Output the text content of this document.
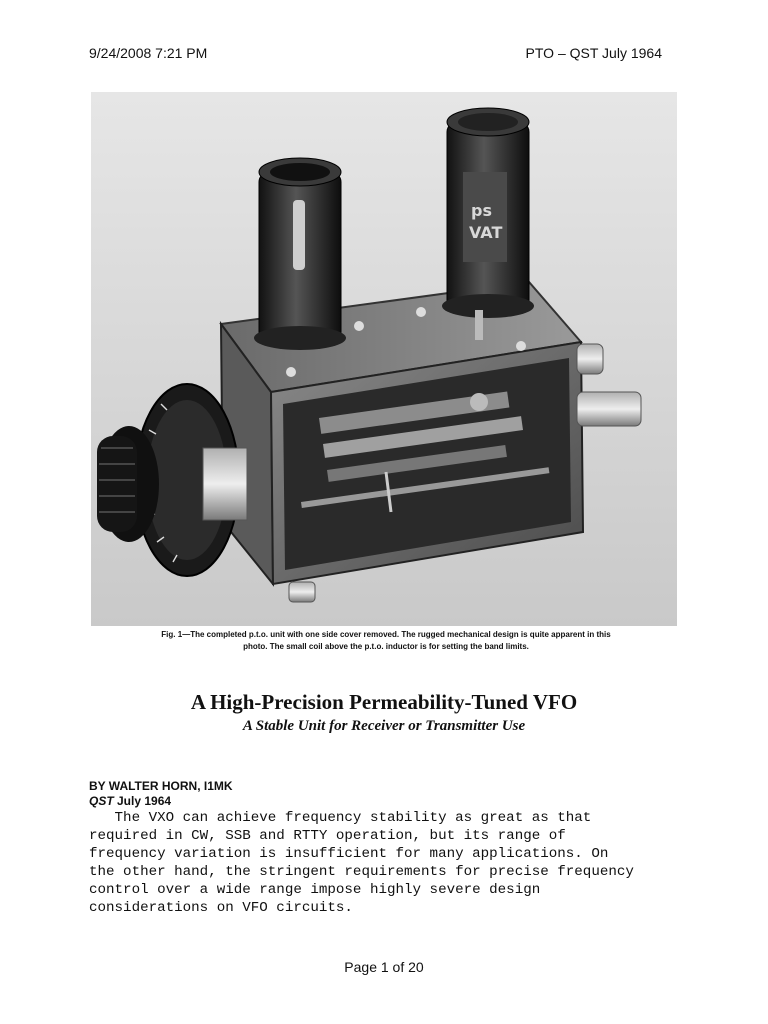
9/24/2008 7:21 PM	PTO – QST July 1964
ps
VAT
Fig. 1—The completed p.t.o. unit with one side cover removed. The rugged mechanical design is quite apparent in this
photo. The small coil above the p.t.o. inductor is for setting the band limits.
A High-Precision Permeability-Tuned VFO
A Stable Unit for Receiver or Transmitter Use
BY WALTER HORN, I1MK
QST July 1964
The VXO can achieve frequency stability as great as that
required in CW, SSB and RTTY operation, but its range of
frequency variation is insufficient for many applications. On
the other hand, the stringent requirements for precise frequency
control over a wide range impose highly severe design
considerations on VFO circuits.
Page 1 of 20
